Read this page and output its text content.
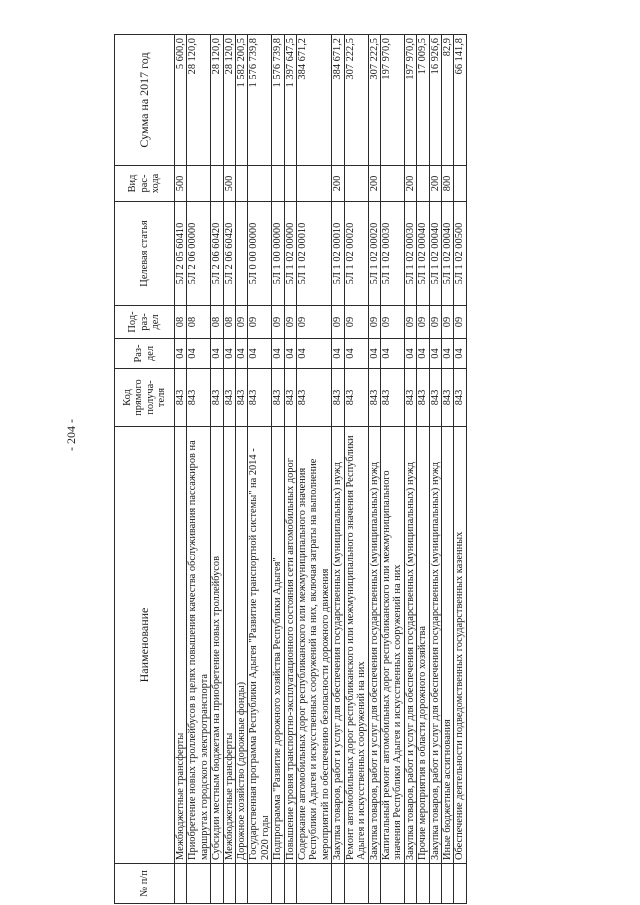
- 204 -
№ п/п	Наименование	Код прямого получа-теля	Раз-дел	Под-раз-дел	Целевая статья	Вид рас-хода	Сумма на 2017 год
	Межбюджетные трансферты	843	04	08	5Л 2 05 60410	500	5 600,0
	Приобретение новых троллейбусов в целях повышения качества обслуживания пассажиров на маршрутах городского электротранспорта	843	04	08	5Л 2 06 00000		28 120,0
	Субсидии местным бюджетам на приобретение новых троллейбусов	843	04	08	5Л 2 06 60420		28 120,0
	Межбюджетные трансферты	843	04	08	5Л 2 06 60420	500	28 120,0
	Дорожное хозяйство (дорожные фонды)	843	04	09			1 582 200,5
	Государственная программа Республики Адыгея "Развитие транспортной системы" на 2014 - 2020 годы	843	04	09	5Л 0 00 00000		1 576 739,8
	Подпрограмма "Развитие дорожного хозяйства Республики Адыгея"	843	04	09	5Л 1 00 00000		1 576 739,8
	Повышение уровня транспортно-эксплуатационного состояния сети автомобильных дорог	843	04	09	5Л 1 02 00000		1 397 647,5
	Содержание автомобильных дорог республиканского или межмуниципального значения Республики Адыгея и искусственных сооружений на них, включая затраты на выполнение мероприятий по обеспечению безопасности дорожного движения	843	04	09	5Л 1 02 00010		384 671,2
	Закупка товаров, работ и услуг для обеспечения государственных (муниципальных) нужд	843	04	09	5Л 1 02 00010	200	384 671,2
	Ремонт автомобильных дорог республиканского или межмуниципального значения Республики Адыгея и искусственных сооружений на них	843	04	09	5Л 1 02 00020		307 222,5
	Закупка товаров, работ и услуг для обеспечения государственных (муниципальных) нужд	843	04	09	5Л 1 02 00020	200	307 222,5
	Капитальный ремонт автомобильных дорог республиканского или межмуниципального значения Республики Адыгея и искусственных сооружений на них	843	04	09	5Л 1 02 00030		197 970,0
	Закупка товаров, работ и услуг для обеспечения государственных (муниципальных) нужд	843	04	09	5Л 1 02 00030	200	197 970,0
	Прочие мероприятия в области дорожного хозяйства	843	04	09	5Л 1 02 00040		17 009,5
	Закупка товаров, работ и услуг для обеспечения государственных (муниципальных) нужд	843	04	09	5Л 1 02 00040	200	16 926,6
	Иные бюджетные ассигнования	843	04	09	5Л 1 02 00040	800	82,9
	Обеспечение деятельности подведомственных государственных казенных	843	04	09	5Л 1 02 00500		66 141,8
